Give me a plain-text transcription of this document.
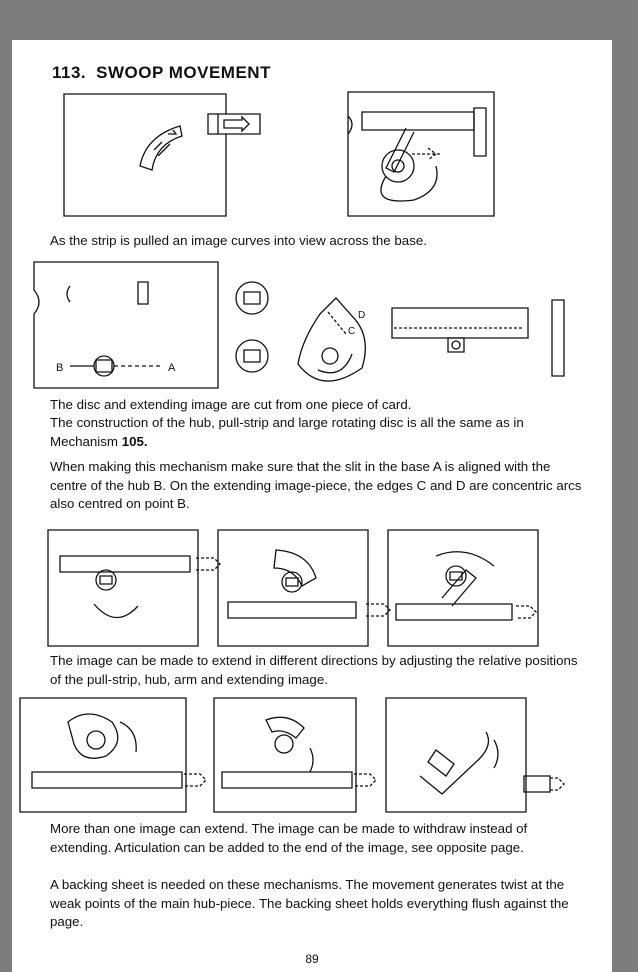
113. SWOOP MOVEMENT

As the strip is pulled an image curves into view across the base.

B	A
C
D

The disc and extending image are cut from one piece of card.

The construction of the hub, pull-strip and large rotating disc is all the same as in Mechanism 105.

When making this mechanism make sure that the slit in the base A is aligned with the centre of the hub B. On the extending image-piece, the edges C and D are concentric arcs also centred on point B.

The image can be made to extend in different directions by adjusting the relative positions of the pull-strip, hub, arm and extending image.

More than one image can extend. The image can be made to withdraw instead of extending. Articulation can be added to the end of the image, see opposite page.

A backing sheet is needed on these mechanisms. The movement generates twist at the weak points of the main hub-piece. The backing sheet holds everything flush against the page.

89
